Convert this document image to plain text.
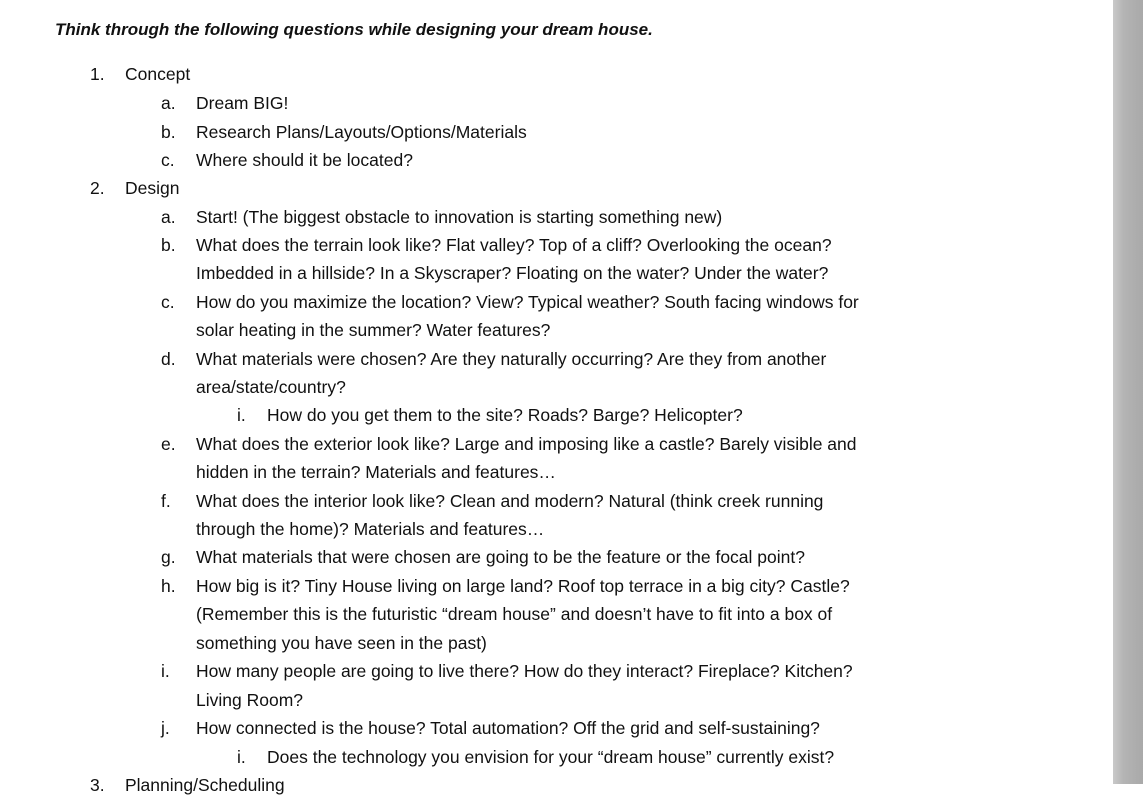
Think through the following questions while designing your dream house.
1. Concept
a. Dream BIG!
b. Research Plans/Layouts/Options/Materials
c. Where should it be located?
2. Design
a. Start! (The biggest obstacle to innovation is starting something new)
b. What does the terrain look like? Flat valley? Top of a cliff? Overlooking the ocean?
Imbedded in a hillside? In a Skyscraper? Floating on the water? Under the water?
c. How do you maximize the location? View? Typical weather? South facing windows for
solar heating in the summer? Water features?
d. What materials were chosen? Are they naturally occurring? Are they from another
area/state/country?
i. How do you get them to the site? Roads? Barge? Helicopter?
e. What does the exterior look like? Large and imposing like a castle? Barely visible and
hidden in the terrain? Materials and features…
f. What does the interior look like? Clean and modern? Natural (think creek running
through the home)? Materials and features…
g. What materials that were chosen are going to be the feature or the focal point?
h. How big is it? Tiny House living on large land? Roof top terrace in a big city? Castle?
(Remember this is the futuristic “dream house” and doesn’t have to fit into a box of
something you have seen in the past)
i. How many people are going to live there? How do they interact? Fireplace? Kitchen?
Living Room?
j. How connected is the house? Total automation? Off the grid and self-sustaining?
i. Does the technology you envision for your “dream house” currently exist?
3. Planning/Scheduling
